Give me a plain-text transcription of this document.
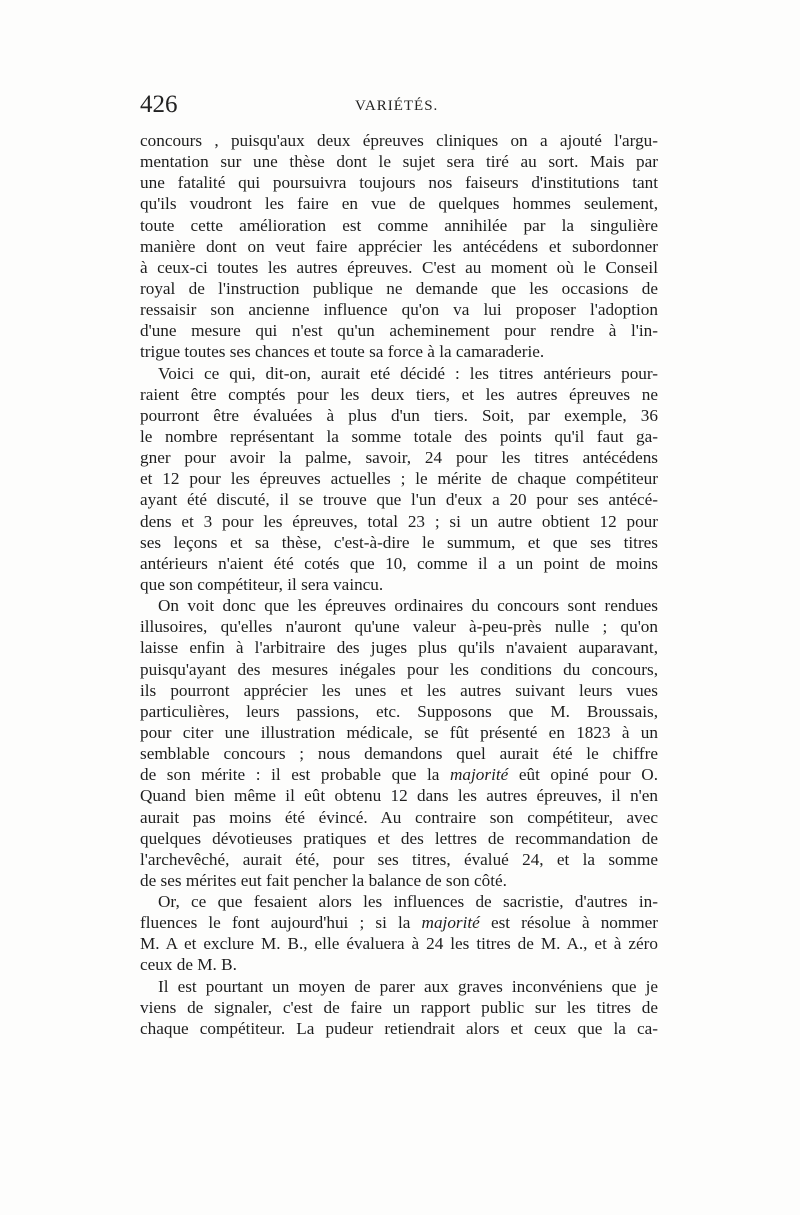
426	VARIÉTÉS.
concours , puisqu'aux deux épreuves cliniques on a ajouté l'argu-
mentation sur une thèse dont le sujet sera tiré au sort. Mais par
une fatalité qui poursuivra toujours nos faiseurs d'institutions tant
qu'ils voudront les faire en vue de quelques hommes seulement,
toute cette amélioration est comme annihilée par la singulière
manière dont on veut faire apprécier les antécédens et subordonner
à ceux-ci toutes les autres épreuves. C'est au moment où le Conseil
royal de l'instruction publique ne demande que les occasions de
ressaisir son ancienne influence qu'on va lui proposer l'adoption
d'une mesure qui n'est qu'un acheminement pour rendre à l'in-
trigue toutes ses chances et toute sa force à la camaraderie.
Voici ce qui, dit-on, aurait eté décidé : les titres antérieurs pour-
raient être comptés pour les deux tiers, et les autres épreuves ne
pourront être évaluées à plus d'un tiers. Soit, par exemple, 36
le nombre représentant la somme totale des points qu'il faut ga-
gner pour avoir la palme, savoir, 24 pour les titres antécédens
et 12 pour les épreuves actuelles ; le mérite de chaque compétiteur
ayant été discuté, il se trouve que l'un d'eux a 20 pour ses antécé-
dens et 3 pour les épreuves, total 23 ; si un autre obtient 12 pour
ses leçons et sa thèse, c'est-à-dire le summum, et que ses titres
antérieurs n'aient été cotés que 10, comme il a un point de moins
que son compétiteur, il sera vaincu.
On voit donc que les épreuves ordinaires du concours sont rendues
illusoires, qu'elles n'auront qu'une valeur à-peu-près nulle ; qu'on
laisse enfin à l'arbitraire des juges plus qu'ils n'avaient auparavant,
puisqu'ayant des mesures inégales pour les conditions du concours,
ils pourront apprécier les unes et les autres suivant leurs vues
particulières, leurs passions, etc. Supposons que M. Broussais,
pour citer une illustration médicale, se fût présenté en 1823 à un
semblable concours ; nous demandons quel aurait été le chiffre
de son mérite : il est probable que la majorité eût opiné pour O.
Quand bien même il eût obtenu 12 dans les autres épreuves, il n'en
aurait pas moins été évincé. Au contraire son compétiteur, avec
quelques dévotieuses pratiques et des lettres de recommandation de
l'archevêché, aurait été, pour ses titres, évalué 24, et la somme
de ses mérites eut fait pencher la balance de son côté.
Or, ce que fesaient alors les influences de sacristie, d'autres in-
fluences le font aujourd'hui ; si la majorité est résolue à nommer
M. A et exclure M. B., elle évaluera à 24 les titres de M. A., et à zéro
ceux de M. B.
Il est pourtant un moyen de parer aux graves inconvéniens que je
viens de signaler, c'est de faire un rapport public sur les titres de
chaque compétiteur. La pudeur retiendrait alors et ceux que la ca-
